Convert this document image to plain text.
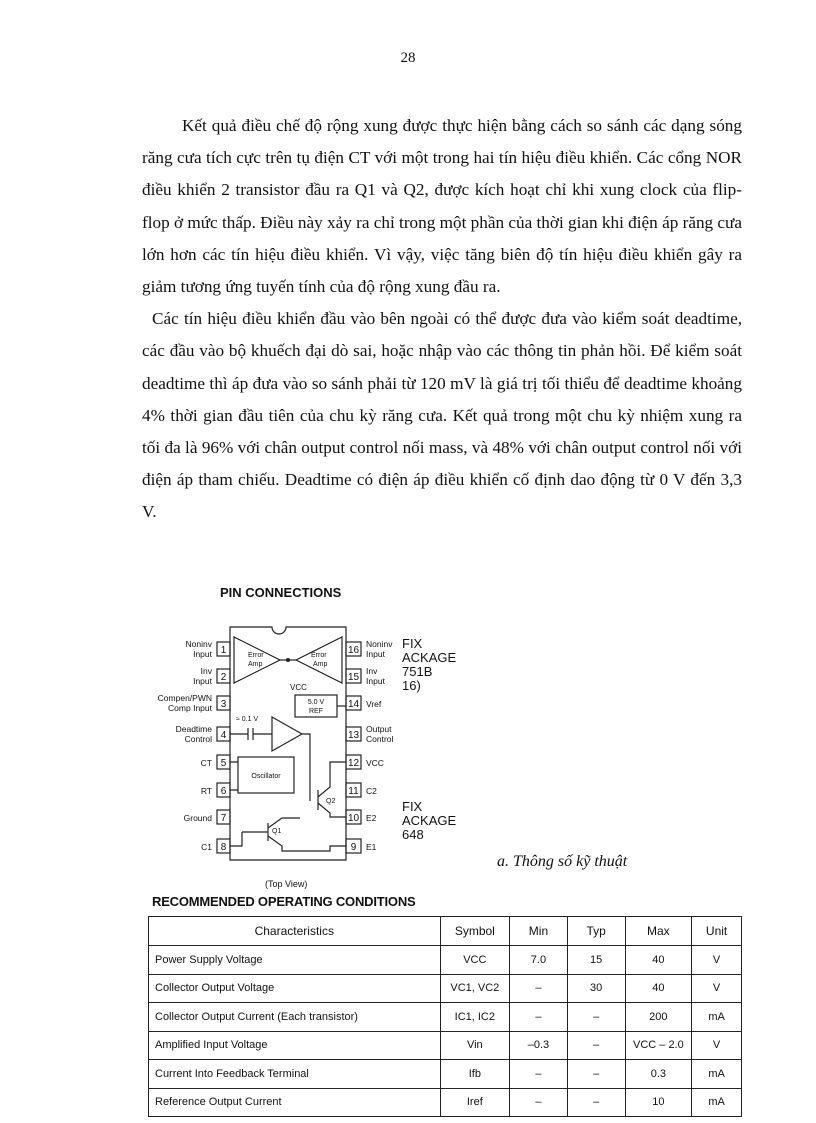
28

Kết quả điều chế độ rộng xung được thực hiện bằng cách so sánh các dạng sóng răng cưa tích cực trên tụ điện CT với một trong hai tín hiệu điều khiển. Các cổng NOR điều khiển 2 transistor đầu ra Q1 và Q2, được kích hoạt chỉ khi xung clock của flip-flop ở mức thấp. Điều này xảy ra chỉ trong một phần của thời gian khi điện áp răng cưa lớn hơn các tín hiệu điều khiển. Vì vậy, việc tăng biên độ tín hiệu điều khiển gây ra giảm tương ứng tuyến tính của độ rộng xung đầu ra.

Các tín hiệu điều khiển đầu vào bên ngoài có thể được đưa vào kiểm soát deadtime, các đầu vào bộ khuếch đại dò sai, hoặc nhập vào các thông tin phản hồi. Để kiểm soát deadtime thì áp đưa vào so sánh phải từ 120 mV là giá trị tối thiểu để deadtime khoảng 4% thời gian đầu tiên của chu kỳ răng cưa. Kết quả trong một chu kỳ nhiệm xung ra tối đa là 96% với chân output control nối mass, và 48% với chân output control nối với điện áp tham chiếu. Deadtime có điện áp điều khiển cố định dao động từ 0 V đến 3,3 V.

PIN CONNECTIONS
1
Noninv
Input	16
Noninv
Input
2
Inv
Input	15
Inv
Input
3
Compen/PWN
Comp Input	14 Vref
4
Deadtime
Control	13
Output
Control
5
CT	12 VCC
6
RT	11 C2
7
Ground	10 E2
8
C1	9 E1
Error
Amp
Error
Amp
VCC
5.0 V
REF
≈ 0.1 V
Oscillator
Q2
Q1
FIX
ACKAGE
751B
16)
FIX
ACKAGE
648
a. Thông số kỹ thuật
(Top View)
RECOMMENDED OPERATING CONDITIONS
Characteristics	Symbol	Min	Typ	Max	Unit
Power Supply Voltage	VCC	7.0	15	40	V
Collector Output Voltage	VC1, VC2	–	30	40	V
Collector Output Current (Each transistor)	IC1, IC2	–	–	200	mA
Amplified Input Voltage	Vin	–0.3	–	VCC – 2.0	V
Current Into Feedback Terminal	Ifb	–	–	0.3	mA
Reference Output Current	Iref	–	–	10	mA
